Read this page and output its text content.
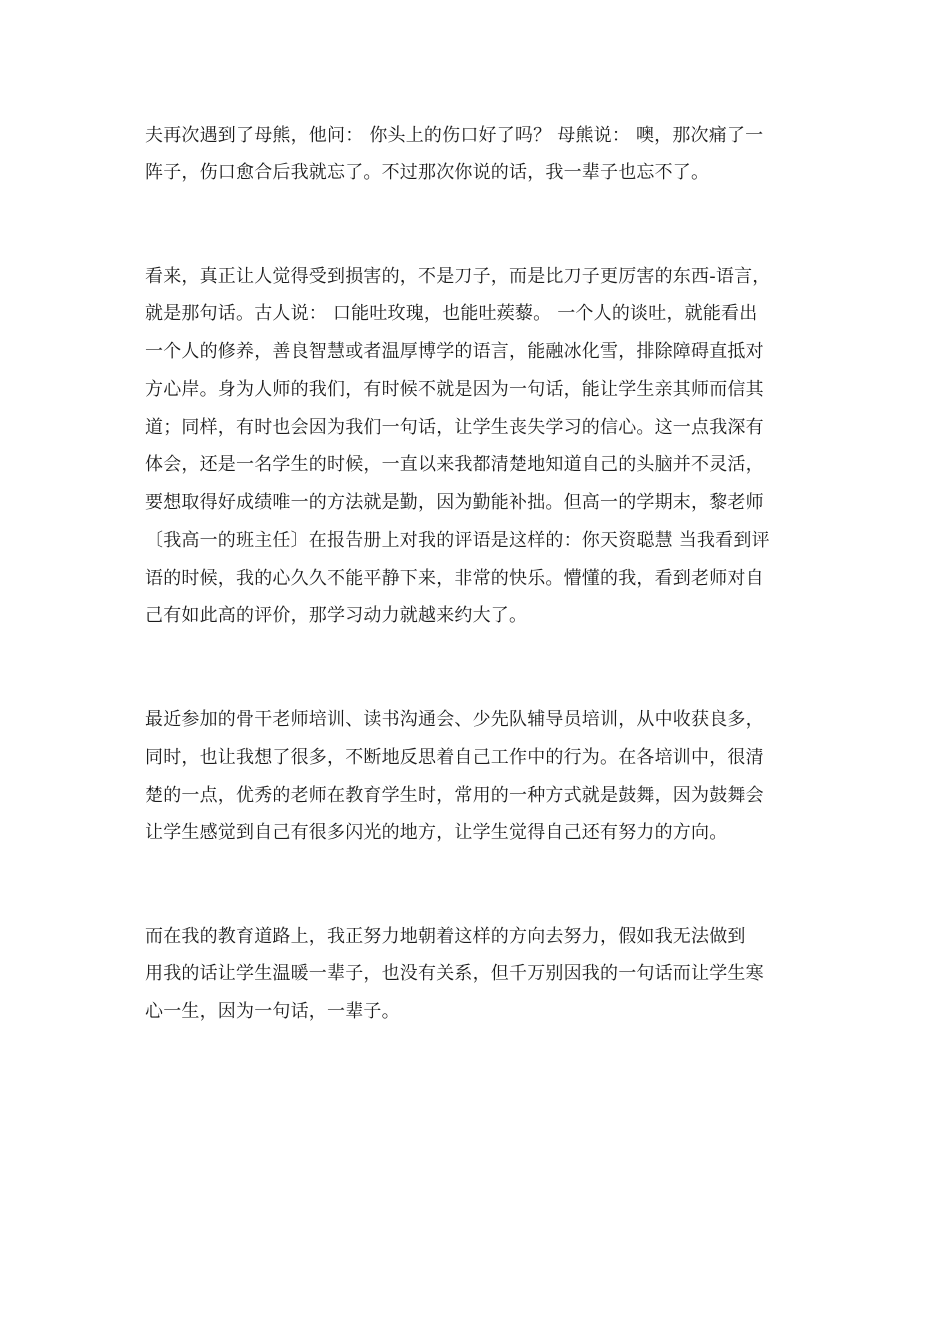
夫再次遇到了母熊，他问： 你头上的伤口好了吗？ 母熊说： 噢，那次痛了一
阵子，伤口愈合后我就忘了。不过那次你说的话，我一辈子也忘不了。
看来，真正让人觉得受到损害的，不是刀子，而是比刀子更厉害的东西-语言，
就是那句话。古人说： 口能吐玫瑰，也能吐蒺藜。 一个人的谈吐，就能看出
一个人的修养，善良智慧或者温厚博学的语言，能融冰化雪，排除障碍直抵对
方心岸。身为人师的我们，有时候不就是因为一句话，能让学生亲其师而信其
道；同样，有时也会因为我们一句话，让学生丧失学习的信心。这一点我深有
体会，还是一名学生的时候，一直以来我都清楚地知道自己的头脑并不灵活，
要想取得好成绩唯一的方法就是勤，因为勤能补拙。但高一的学期末，黎老师
〔我高一的班主任〕在报告册上对我的评语是这样的：你天资聪慧 当我看到评
语的时候，我的心久久不能平静下来，非常的快乐。懵懂的我，看到老师对自
己有如此高的评价，那学习动力就越来约大了。
最近参加的骨干老师培训、读书沟通会、少先队辅导员培训，从中收获良多，
同时，也让我想了很多，不断地反思着自己工作中的行为。在各培训中，很清
楚的一点，优秀的老师在教育学生时，常用的一种方式就是鼓舞，因为鼓舞会
让学生感觉到自己有很多闪光的地方，让学生觉得自己还有努力的方向。
而在我的教育道路上，我正努力地朝着这样的方向去努力，假如我无法做到
用我的话让学生温暖一辈子，也没有关系，但千万别因我的一句话而让学生寒
心一生，因为一句话，一辈子。
